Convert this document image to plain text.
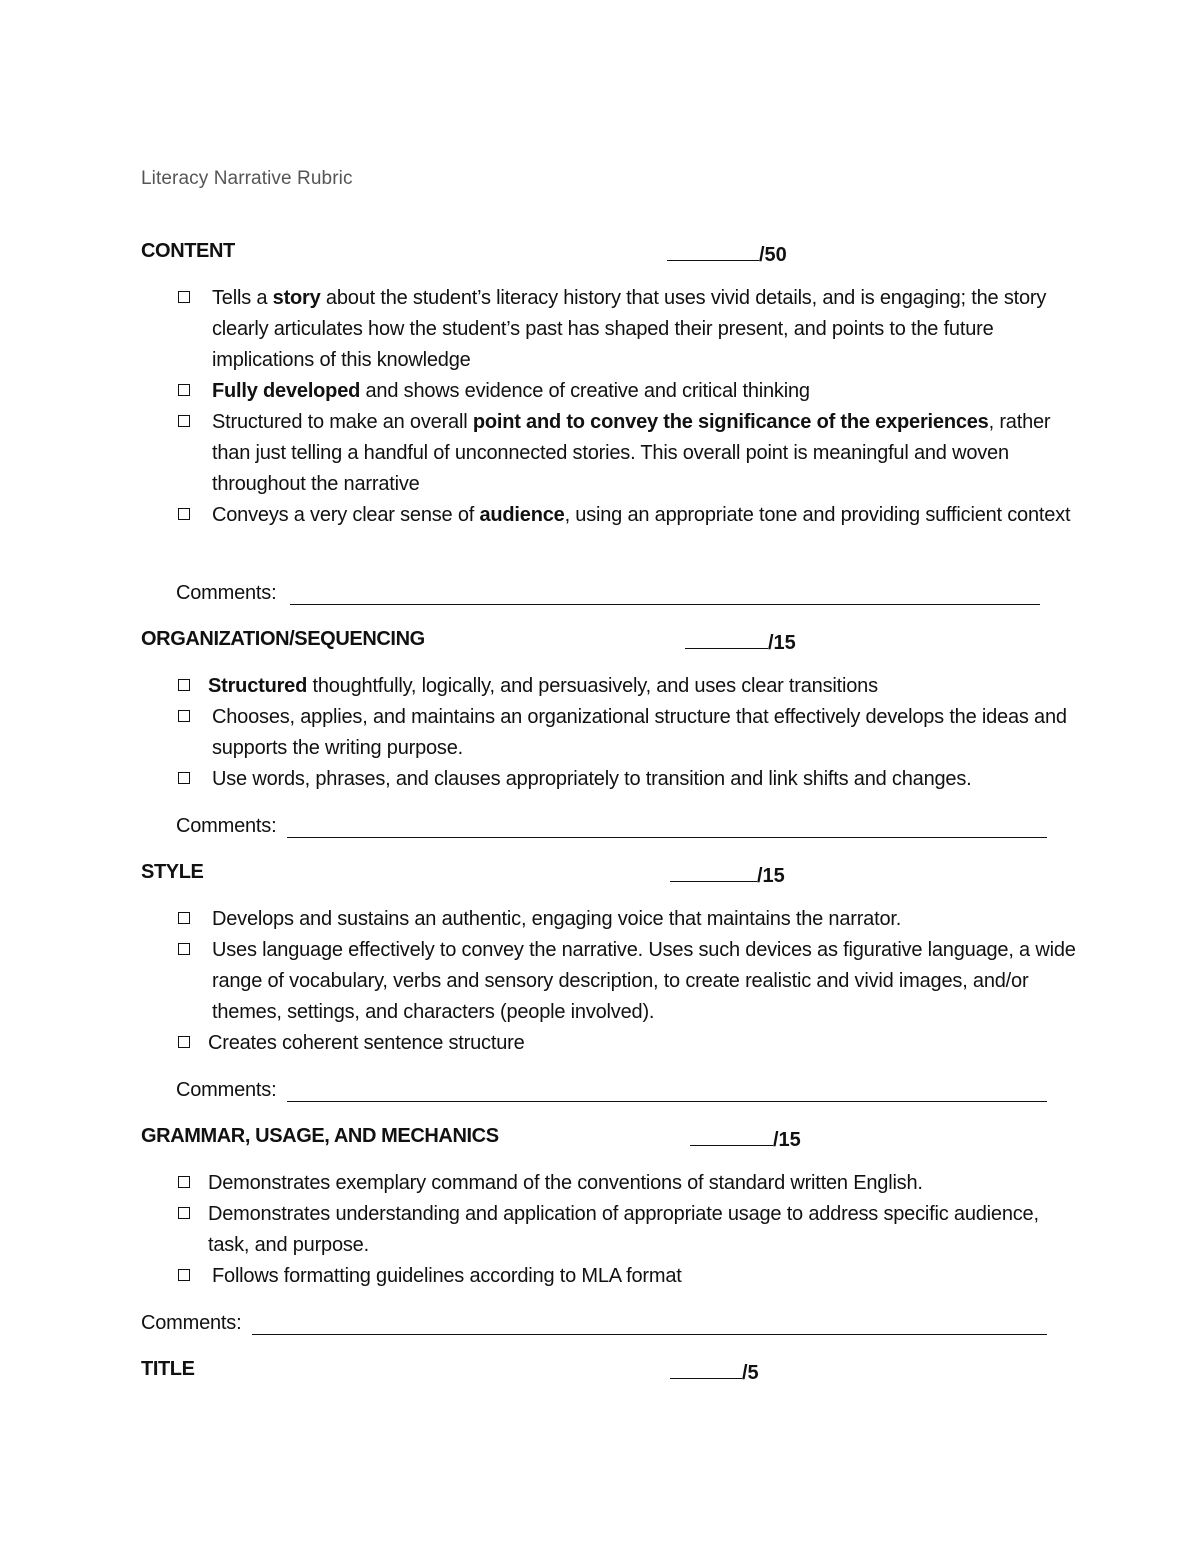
Literacy Narrative Rubric
CONTENT	/50
Tells a story about the student’s literacy history that uses vivid details, and is engaging; the story clearly articulates how the student’s past has shaped their present, and points to the future implications of this knowledge
Fully developed and shows evidence of creative and critical thinking
Structured to make an overall point and to convey the significance of the experiences, rather than just telling a handful of unconnected stories. This overall point is meaningful and woven throughout the narrative
Conveys a very clear sense of audience, using an appropriate tone and providing sufficient context
Comments:
ORGANIZATION/SEQUENCING	/15
Structured thoughtfully, logically, and persuasively, and uses clear transitions
Chooses, applies, and maintains an organizational structure that effectively develops the ideas and supports the writing purpose.
Use words, phrases, and clauses appropriately to transition and link shifts and changes.
Comments:
STYLE	/15
Develops and sustains an authentic, engaging voice that maintains the narrator.
Uses language effectively to convey the narrative. Uses such devices as figurative language, a wide range of vocabulary, verbs and sensory description, to create realistic and vivid images, and/or themes, settings, and characters (people involved).
Creates coherent sentence structure
Comments:
GRAMMAR, USAGE, AND MECHANICS	/15
Demonstrates exemplary command of the conventions of standard written English.
Demonstrates understanding and application of appropriate usage to address specific audience, task, and purpose.
Follows formatting guidelines according to MLA format
Comments:
TITLE	/5
